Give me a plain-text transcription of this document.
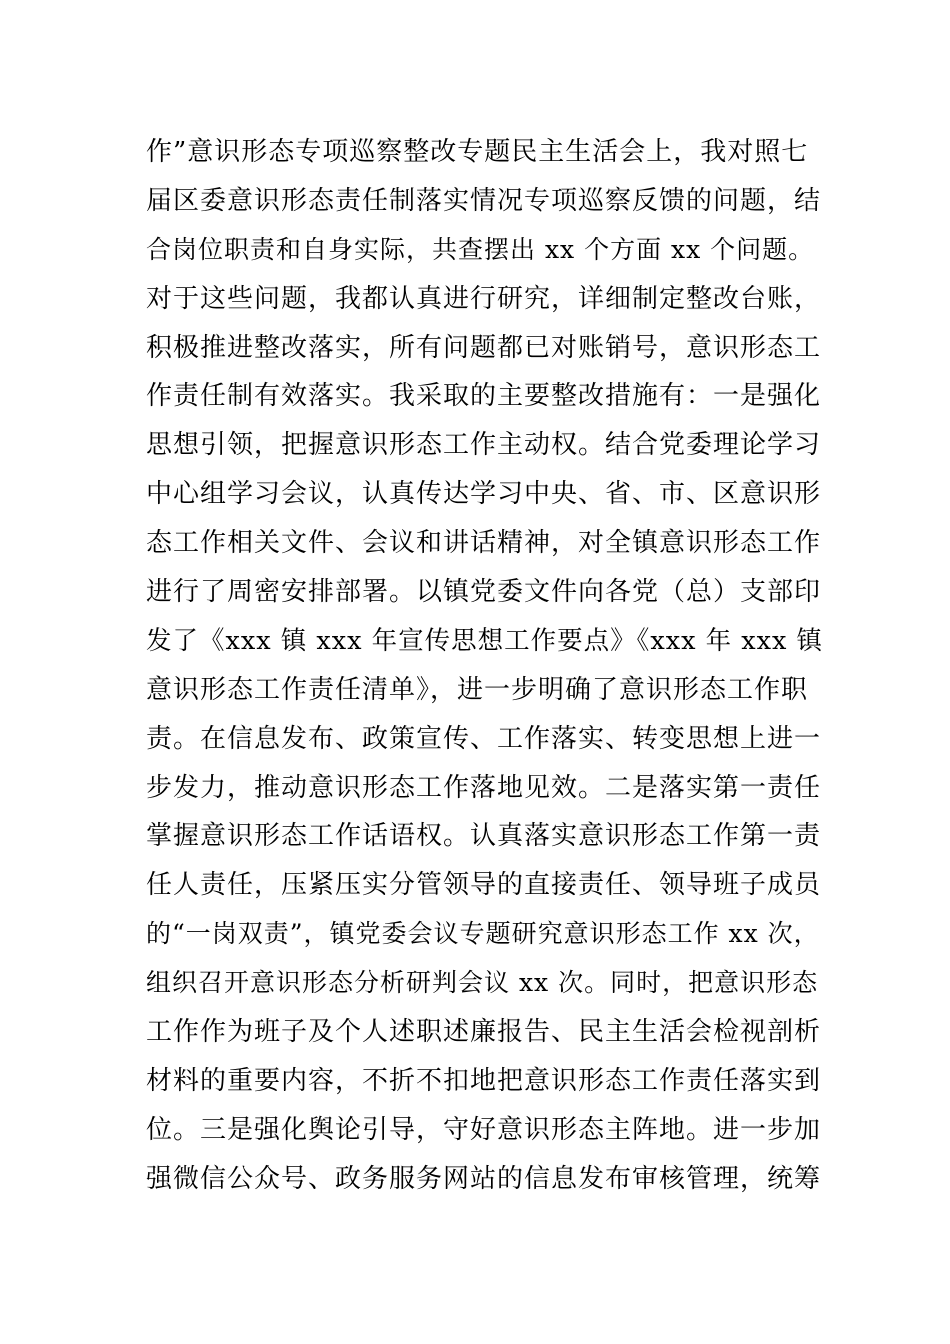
作”意识形态专项巡察整改专题民主生活会上，我对照七
届区委意识形态责任制落实情况专项巡察反馈的问题，结
合岗位职责和自身实际，共查摆出 xx 个方面 xx 个问题。
对于这些问题，我都认真进行研究，详细制定整改台账，
积极推进整改落实，所有问题都已对账销号，意识形态工
作责任制有效落实。我采取的主要整改措施有：一是强化
思想引领，把握意识形态工作主动权。结合党委理论学习
中心组学习会议，认真传达学习中央、省、市、区意识形
态工作相关文件、会议和讲话精神，对全镇意识形态工作
进行了周密安排部署。以镇党委文件向各党（总）支部印
发了《xxx 镇 xxx 年宣传思想工作要点》《xxx 年 xxx 镇
意识形态工作责任清单》，进一步明确了意识形态工作职
责。在信息发布、政策宣传、工作落实、转变思想上进一
步发力，推动意识形态工作落地见效。二是落实第一责任
掌握意识形态工作话语权。认真落实意识形态工作第一责
任人责任，压紧压实分管领导的直接责任、领导班子成员
的“一岗双责”，镇党委会议专题研究意识形态工作 xx 次，
组织召开意识形态分析研判会议 xx 次。同时，把意识形态
工作作为班子及个人述职述廉报告、民主生活会检视剖析
材料的重要内容，不折不扣地把意识形态工作责任落实到
位。三是强化舆论引导，守好意识形态主阵地。进一步加
强微信公众号、政务服务网站的信息发布审核管理，统筹
